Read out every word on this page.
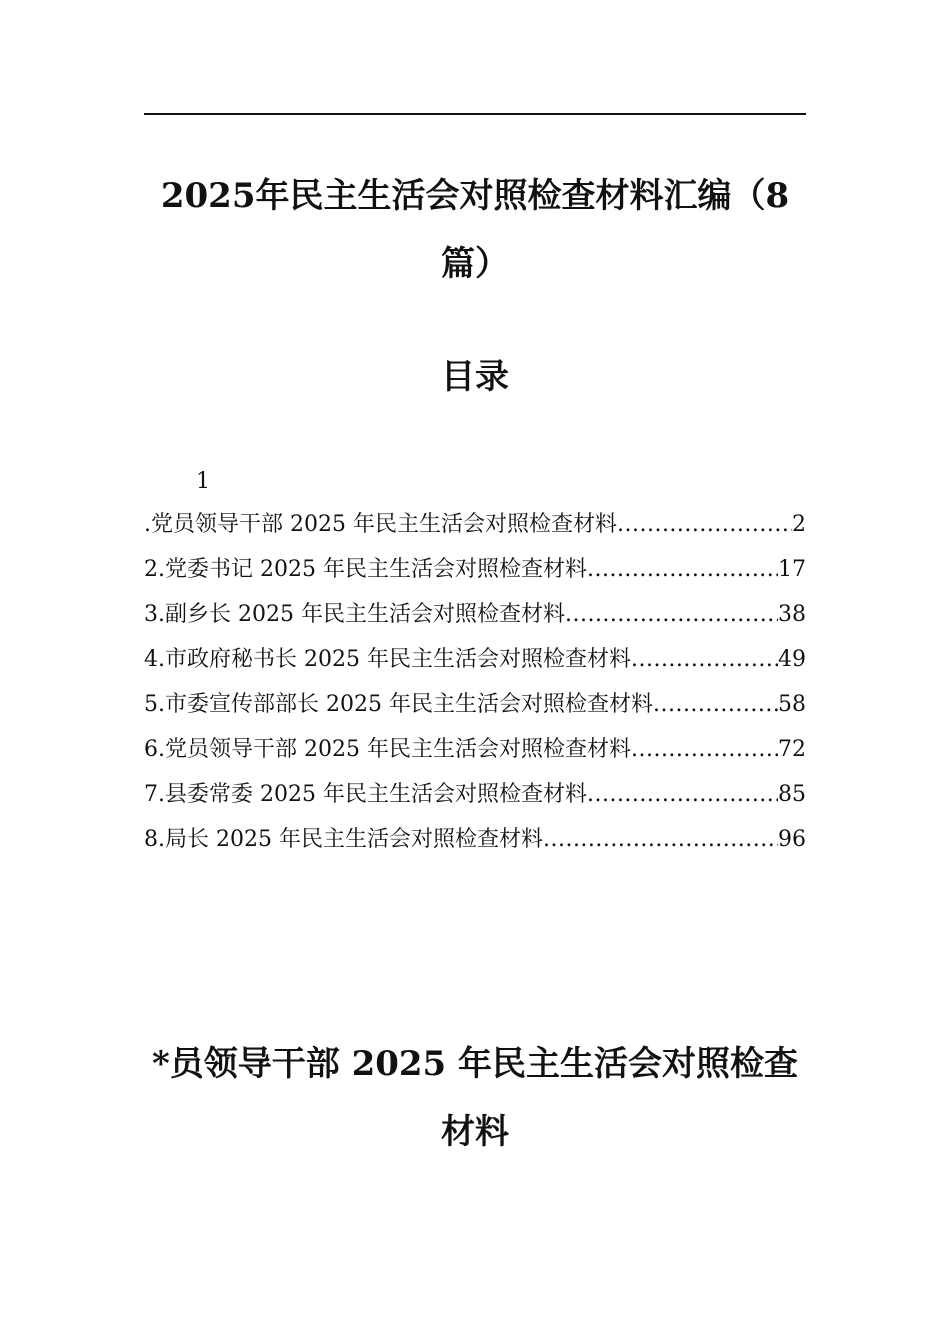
2025年民主生活会对照检查材料汇编（8篇）
目录
1
.党员领导干部 2025 年民主生活会对照检查材料 .....	2
2.党委书记 2025 年民主生活会对照检查材料 .....	17
3.副乡长 2025 年民主生活会对照检查材料 .....	38
4.市政府秘书长 2025 年民主生活会对照检查材料 .....	49
5.市委宣传部部长 2025 年民主生活会对照检查材料 .....	58
6.党员领导干部 2025 年民主生活会对照检查材料 .....	72
7.县委常委 2025 年民主生活会对照检查材料 .....	85
8.局长 2025 年民主生活会对照检查材料 .....	96
*员领导干部 2025 年民主生活会对照检查材料
